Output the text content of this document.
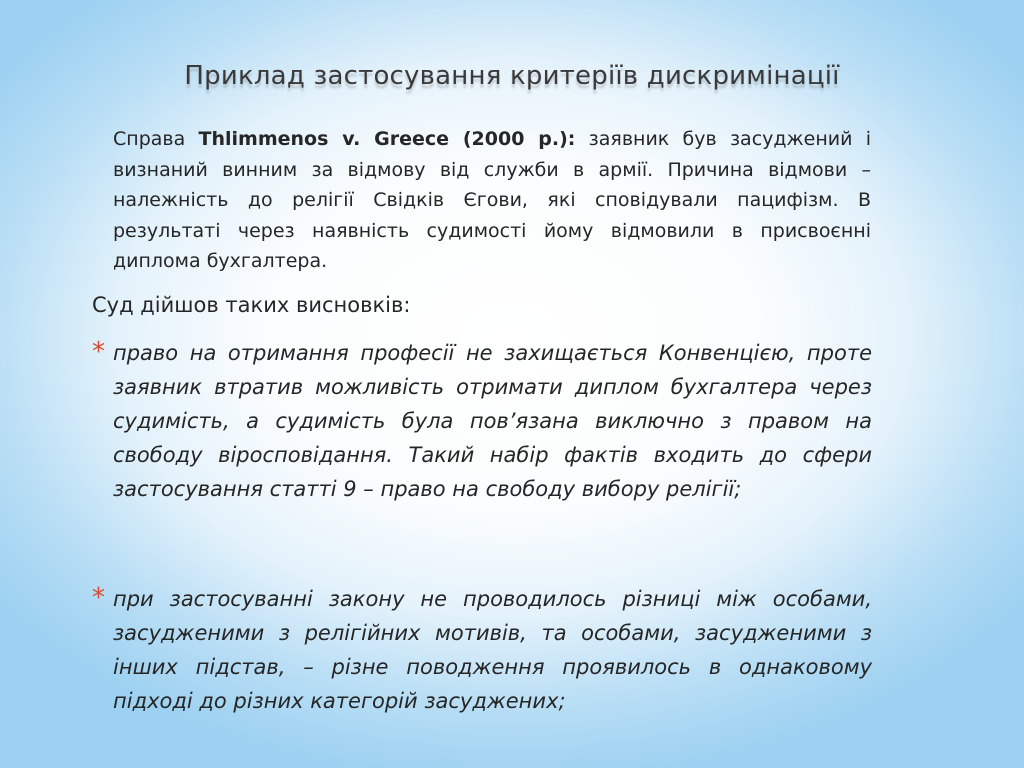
Приклад застосування критеріїв дискримінації
Справа Thlimmenos v. Greece (2000 р.): заявник був засуджений і визнаний винним за відмову від служби в армії. Причина відмови – належність до релігії Свідків Єгови, які сповідували пацифізм. В результаті через наявність судимості йому відмовили в присвоєнні диплома бухгалтера.
Суд дійшов таких висновків:
* право на отримання професії не захищається Конвенцією, проте заявник втратив можливість отримати диплом бухгалтера через судимість, а судимість була пов’язана виключно з правом на свободу віросповідання. Такий набір фактів входить до сфери застосування статті 9 – право на свободу вибору релігії;
* при застосуванні закону не проводилось різниці між особами, засудженими з релігійних мотивів, та особами, засудженими з інших підстав, – різне поводження проявилось в однаковому підході до різних категорій засуджених;
